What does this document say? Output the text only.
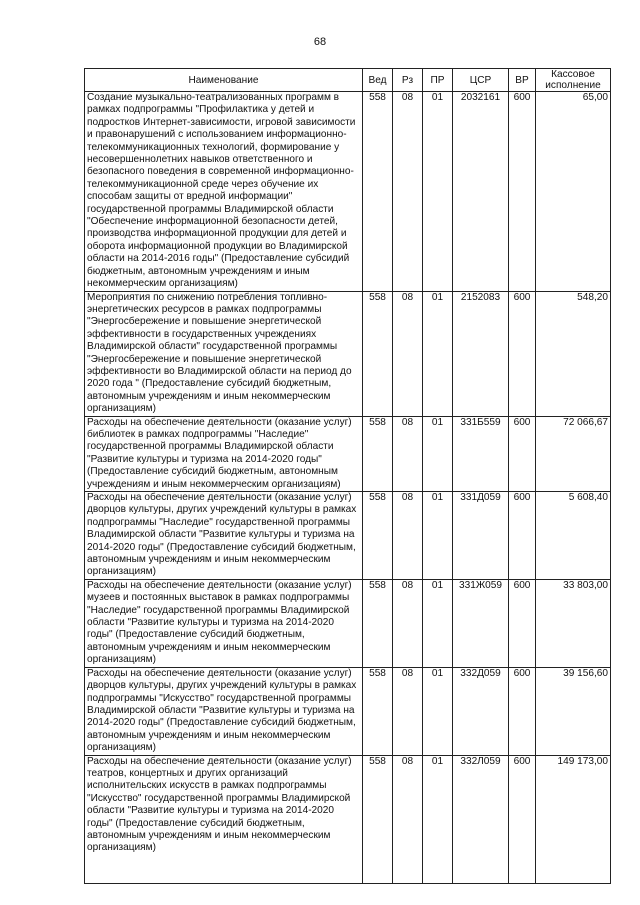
68
Наименование	Вед	Рз	ПР	ЦСР	ВР	Кассовое исполнение
Создание музыкально-театрализованных программ в рамках подпрограммы "Профилактика у детей и подростков Интернет-зависимости, игровой зависимости и правонарушений с использованием информационно-телекоммуникационных технологий, формирование у несовершеннолетних навыков ответственного и безопасного поведения в современной информационно-телекоммуникационной среде через обучение их способам защиты от вредной информации" государственной программы Владимирской области "Обеспечение информационной безопасности детей, производства информационной продукции для детей и оборота информационной продукции во Владимирской области на 2014-2016 годы" (Предоставление субсидий бюджетным, автономным учреждениям и иным некоммерческим организациям)	558	08	01	2032161	600	65,00
Мероприятия по снижению потребления топливно-энергетических ресурсов в рамках подпрограммы "Энергосбережение и повышение энергетической эффективности в государственных учреждениях Владимирской области" государственной программы "Энергосбережение и повышение энергетической эффективности во Владимирской области на период до 2020 года " (Предоставление субсидий бюджетным, автономным учреждениям и иным некоммерческим организациям)	558	08	01	2152083	600	548,20
Расходы на обеспечение деятельности (оказание услуг) библиотек в рамках подпрограммы "Наследие" государственной программы Владимирской области "Развитие культуры и туризма на 2014-2020 годы" (Предоставление субсидий бюджетным, автономным учреждениям и иным некоммерческим организациям)	558	08	01	331Б559	600	72 066,67
Расходы на обеспечение деятельности (оказание услуг) дворцов культуры, других учреждений культуры в рамках подпрограммы "Наследие" государственной программы Владимирской области "Развитие культуры и туризма на 2014-2020 годы" (Предоставление субсидий бюджетным, автономным учреждениям и иным некоммерческим организациям)	558	08	01	331Д059	600	5 608,40
Расходы на обеспечение деятельности (оказание услуг) музеев и постоянных выставок в рамках подпрограммы "Наследие" государственной программы Владимирской области "Развитие культуры и туризма на 2014-2020 годы" (Предоставление субсидий бюджетным, автономным учреждениям и иным некоммерческим организациям)	558	08	01	331Ж059	600	33 803,00
Расходы на обеспечение деятельности (оказание услуг) дворцов культуры, других учреждений культуры в рамках подпрограммы "Искусство" государственной программы Владимирской области "Развитие культуры и туризма на 2014-2020 годы" (Предоставление субсидий бюджетным, автономным учреждениям и иным некоммерческим организациям)	558	08	01	332Д059	600	39 156,60
Расходы на обеспечение деятельности (оказание услуг) театров, концертных и других организаций исполнительских искусств в рамках подпрограммы "Искусство" государственной программы Владимирской области "Развитие культуры и туризма на 2014-2020 годы" (Предоставление субсидий бюджетным, автономным учреждениям и иным некоммерческим организациям)	558	08	01	332Л059	600	149 173,00
